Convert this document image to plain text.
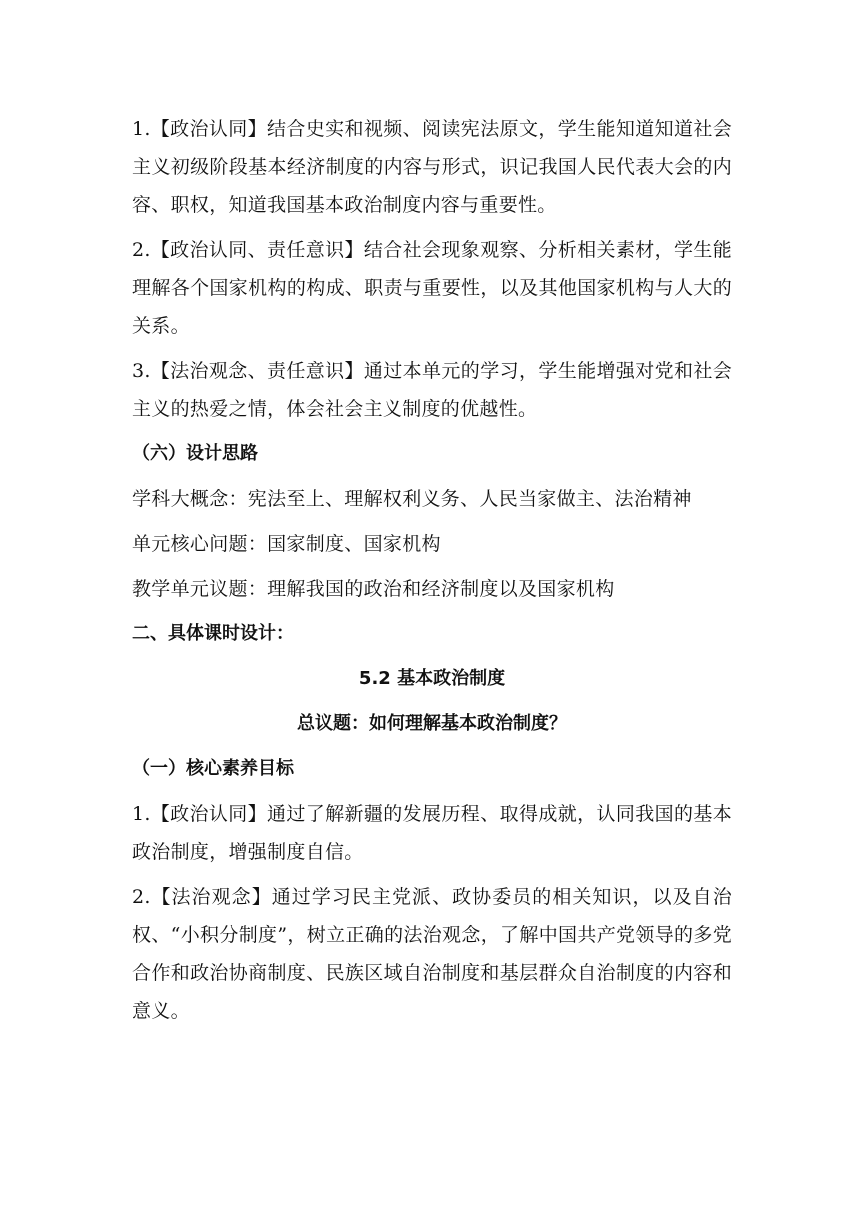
1.【政治认同】结合史实和视频、阅读宪法原文，学生能知道知道社会主义初级阶段基本经济制度的内容与形式，识记我国人民代表大会的内容、职权，知道我国基本政治制度内容与重要性。

2.【政治认同、责任意识】结合社会现象观察、分析相关素材，学生能理解各个国家机构的构成、职责与重要性，以及其他国家机构与人大的关系。

3.【法治观念、责任意识】通过本单元的学习，学生能增强对党和社会主义的热爱之情，体会社会主义制度的优越性。

（六）设计思路

学科大概念：宪法至上、理解权利义务、人民当家做主、法治精神

单元核心问题：国家制度、国家机构

教学单元议题：理解我国的政治和经济制度以及国家机构

二、具体课时设计：

5.2 基本政治制度

总议题：如何理解基本政治制度？

（一）核心素养目标

1.【政治认同】通过了解新疆的发展历程、取得成就，认同我国的基本政治制度，增强制度自信。

2.【法治观念】通过学习民主党派、政协委员的相关知识，以及自治权、“小积分制度”，树立正确的法治观念，了解中国共产党领导的多党合作和政治协商制度、民族区域自治制度和基层群众自治制度的内容和意义。
